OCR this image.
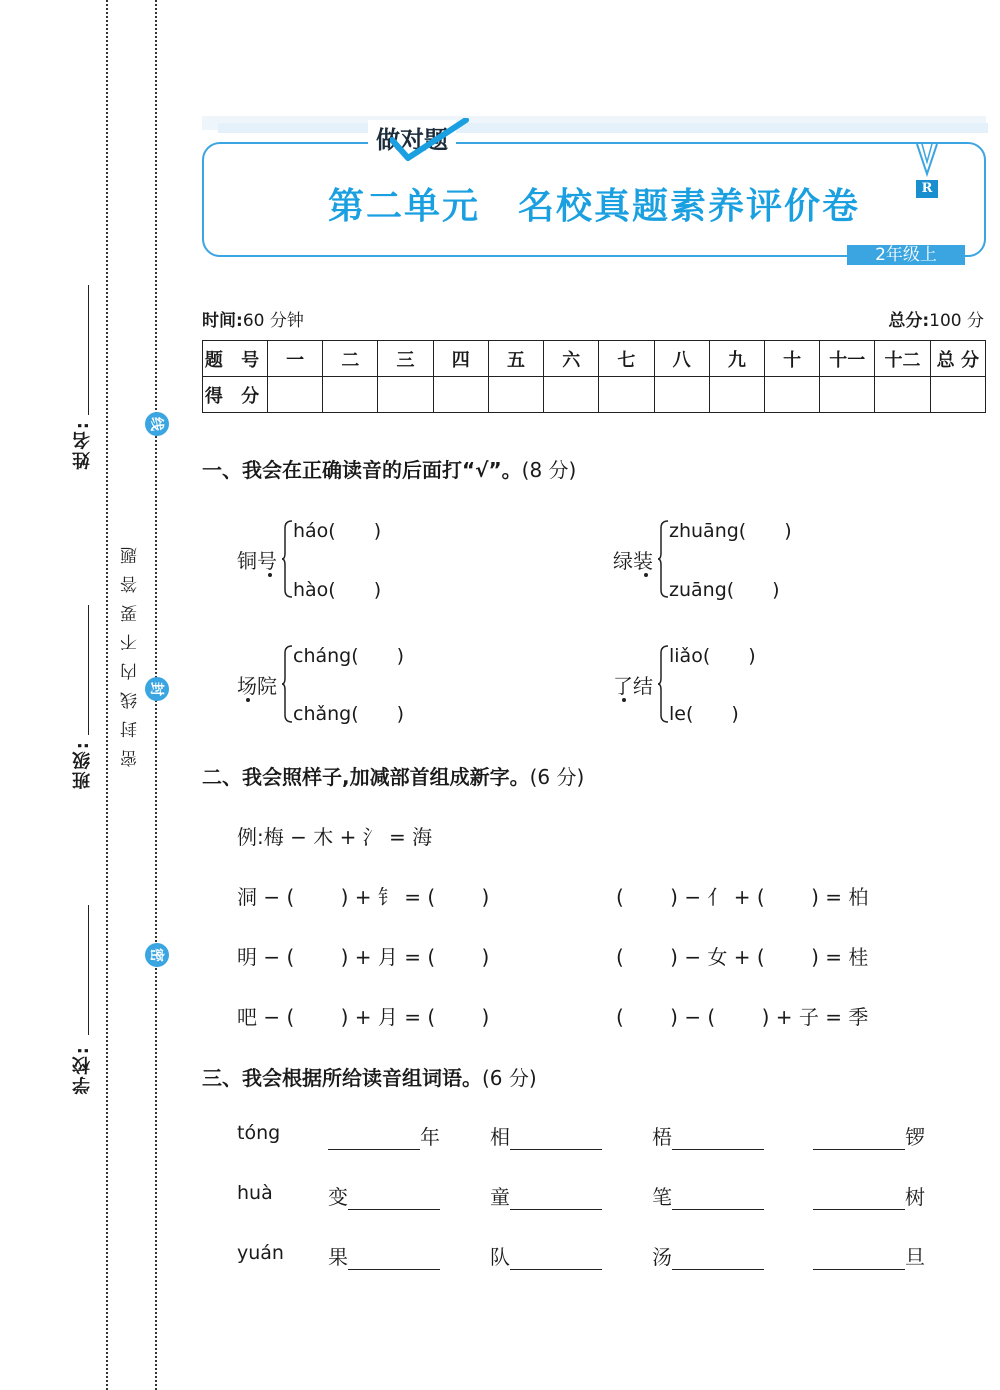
姓名:
班级:
学校:
线
封
密
密封线内不要答题
做对题
第二单元　名校真题素养评价卷	R
2年级上
时间:60 分钟	总分:100 分
题 号	一	二	三	四	五	六	七	八	九	十	十一	十二	总 分
得 分													
一、我会在正确读音的后面打“√”。(8 分)
铜号
háo(　　)
hào(　　)
绿装
zhuāng(　　)
zuāng(　　)
场院
cháng(　　)
chǎng(　　)
了结
liǎo(　　)
le(　　)
二、我会照样子,加减部首组成新字。(6 分)
例:梅 − 木 + 氵 = 海
洞 − (　　 ) + 钅 = (　　 )	(　　 ) − 亻 + (　　 ) = 柏
明 − (　　 ) + 月 = (　　 )	(　　 ) − 女 + (　　 ) = 桂
吧 − (　　 ) + 月 = (　　 )	(　　 ) − (　　 ) + 子 = 季
三、我会根据所给读音组词语。(6 分)
tóng	年	相	梧	锣
huà	变	童	笔	树
yuán 果	队	汤	旦
